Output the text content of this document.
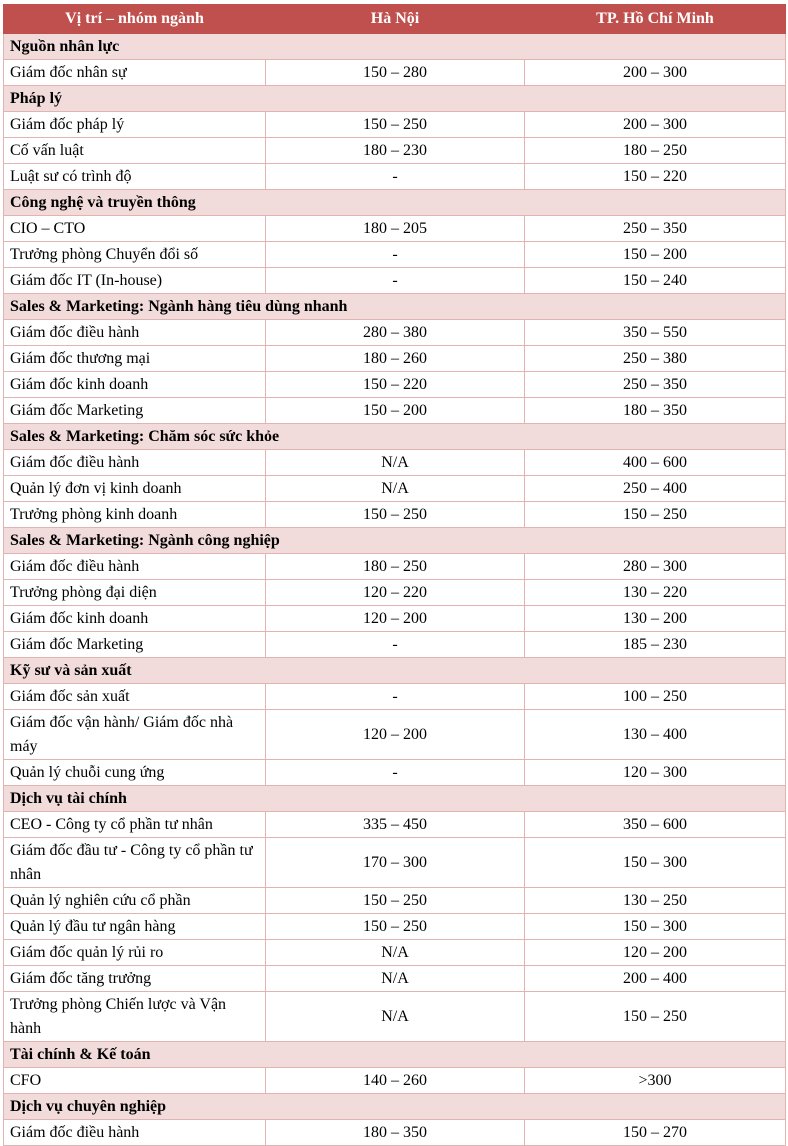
Vị trí – nhóm ngành	Hà Nội	TP. Hồ Chí Minh
Nguồn nhân lực		
Giám đốc nhân sự	150 – 280	200 – 300
Pháp lý		
Giám đốc pháp lý	150 – 250	200 – 300
Cố vấn luật	180 – 230	180 – 250
Luật sư có trình độ	-	150 – 220
Công nghệ và truyền thông		
CIO – CTO	180 – 205	250 – 350
Trưởng phòng Chuyển đổi số	-	150 – 200
Giám đốc IT (In-house)	-	150 – 240
Sales & Marketing: Ngành hàng tiêu dùng nhanh		
Giám đốc điều hành	280 – 380	350 – 550
Giám đốc thương mại	180 – 260	250 – 380
Giám đốc kinh doanh	150 – 220	250 – 350
Giám đốc Marketing	150 – 200	180 – 350
Sales & Marketing: Chăm sóc sức khỏe		
Giám đốc điều hành	N/A	400 – 600
Quản lý đơn vị kinh doanh	N/A	250 – 400
Trưởng phòng kinh doanh	150 – 250	150 – 250
Sales & Marketing: Ngành công nghiệp		
Giám đốc điều hành	180 – 250	280 – 300
Trưởng phòng đại diện	120 – 220	130 – 220
Giám đốc kinh doanh	120 – 200	130 – 200
Giám đốc Marketing	-	185 – 230
Kỹ sư và sản xuất		
Giám đốc sản xuất	-	100 – 250
Giám đốc vận hành/ Giám đốc nhà máy	120 – 200	130 – 400
Quản lý chuỗi cung ứng	-	120 – 300
Dịch vụ tài chính		
CEO - Công ty cổ phần tư nhân	335 – 450	350 – 600
Giám đốc đầu tư - Công ty cổ phần tư nhân	170 – 300	150 – 300
Quản lý nghiên cứu cổ phần	150 – 250	130 – 250
Quản lý đầu tư ngân hàng	150 – 250	150 – 300
Giám đốc quản lý rủi ro	N/A	120 – 200
Giám đốc tăng trưởng	N/A	200 – 400
Trưởng phòng Chiến lược và Vận hành	N/A	150 – 250
Tài chính & Kế toán		
CFO	140 – 260	>300
Dịch vụ chuyên nghiệp		
Giám đốc điều hành	180 – 350	150 – 270
